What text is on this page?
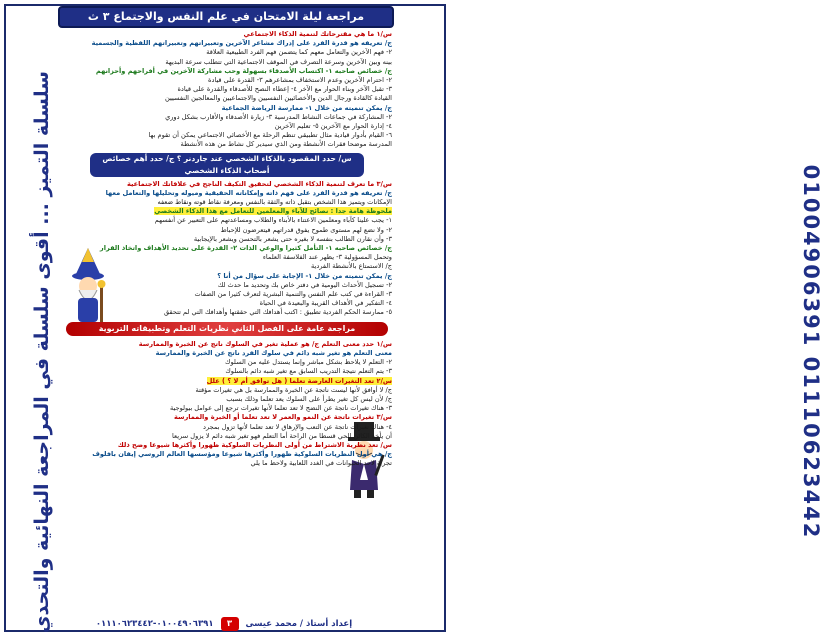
مراجعة ليلة الامتحان في علم النفس والاجتماع ٣ ث
سلسلة التميز ... أقوى سلسلة في المراجعة النهائية والتحدي	01004906391 01110623442

س/١ ما هي مقترحاتك لتنمية الذكاء الاجتماعي

ج/ تعريفه هو قدرة الفرد على إدراك مشاعر الآخرين وتعبيراتهم وتعبيراتهم اللفظية والجسمية

٢- فهم الآخرين والتعامل معهم كما يتضمن فهم الفرد الطبيعية العلاقة

بينه وبين الآخرين وسرعة التصرف في الموقف الاجتماعية التي تتطلب سرعة البديهة

ج/ خصائص صاحبه ١- اكتساب الأصدقاء بسهولة وحب مشاركة الآخرين في أفراحهم وأحزانهم

٢- احترام الآخرين وعدم الاستخفاف بمشاعرهم ٣- القدرة على قيادة

٣- تقبل الآخر وبناء الحوار مع الآخر ٤- إعطاء النصح للأصدقاء والقدرة على قيادة

القيادة كالقادة ورجال الدين والأخصائيين النفسيين والاجتماعيين والمعالجين النفسيين

ج/ يمكن تنميته من خلال ١- ممارسة الرياضة الجماعية

٢- المشاركة في جماعات النشاط المدرسية ٣- زيارة الأصدقاء والأقارب بشكل دوري

٤- إدارة الحوار مع الآخرين ٥- تعليم الآخرين

٦- القيام بأدوار قيادية مثال تطبيقي تنظم الرحلة مع الأخصائي الاجتماعي يمكن أن تقوم بها

المدرسة موضحا فقرات الأنشطة ومن الذي سيدير كل نشاط من هذه الأنشطة

س/ حدد المقصود بالذكاء الشخصي عند جاردنر ؟ ج/ حدد أهم خصائص أصحاب الذكاء الشخصي

س/٣ ما تعرف لتنمية الذكاء الشخصي لتحقيق التكيف الناجح في علاقاتك الاجتماعية

ج/ تعريفه هو قدرة الفرد على فهم ذاته وإمكاناته الحقيقية وميوله وتحليلها والتعامل معها

الإمكانات ويتميز هذا الشخص بتقبل ذاته والثقة بالنفس ومعرفة نقاط قوته ونقاط ضعفه

ملحوظة هامة جدا : نصائح للآباء والمعلمين للتعامل مع هذا الذكاء الشخصي

١- يجب علينا كآباء ومعلمين الاعتناء بالأبناء والطلاب ومساعدتهم على التعبير عن أنفسهم

٢- ولا نضع لهم مستوى طموح يفوق قدراتهم فيتعرضون للإحباط

٣- وأن نقارن الطالب بنفسه لا بغيره حتى يشعر بالتحسن ويشعر بالإيجابية

ج/ خصائص صاحبه ١- التأمل كثيرا والوعي الذات ٢- القدرة على تحديد الأهداف واتخاذ القرار

وتحمل المسؤولية ٣- يظهر عند الفلاسفة العلماء

ج/ الاستمتاع بالأنشطة الفردية

ج/ يمكن تنميته من خلال ١- الإجابة على سؤال من أنا ؟

٢- تسجيل الأحداث اليومية في دفتر خاص بك وتحديد ما حدث لك

٣- القراءة في كتب علم النفس والتنمية البشرية لتعرف كثيرا من الصفات

٤- التفكير في الأهداف القريبة والبعيدة في الحياة

٥- ممارسة الحكم الفردية تطبيق : اكتب أهدافك التي حققتها وأهدافك التي لم تتحقق

مراجعة عامة على الفصل الثاني نظريات التعلم وتطبيقاته التربوية

س/١ حدد معنى التعلم ج/ هو عملية تغير في السلوك ناتج عن الخبرة والممارسة

معنى التعلم هو تغير شبه دائم في سلوك الفرد ناتج عن الخبرة والممارسة

٢- التعلم لا يلاحظ بشكل مباشر وإنما يستدل عليه من السلوك

٣- يتم التعلم نتيجة التدريب السابق مع تغير شبه دائم بالسلوك

س/٢ تعد التغيرات العارضة تعلما ( هل توافق أم لا ؟ ) علل

ج/ لا أوافق لأنها ليست ناتجة عن الخبرة والممارسة بل هي تغيرات مؤقتة

ج/ لأن ليس كل تغير يطرأ على السلوك يعد تعلما وذلك بسبب

٣- هناك تغيرات ناتجة عن النضج لا تعد تعلما لأنها تغيرات ترجع إلى عوامل بيولوجية

س/٣ تغيرات ناتجة عن النمو والعمر لا تعد تعلما أو الخبرة والممارسة

٤- هناك تغيرات ناتجة عن التعب والإرهاق لا تعد تعلما لأنها تزول بمجرد

أن يأخذ الكائن الحي قسطا من الراحة أما التعلم فهو تغير شبه دائم لا يزول سريعا

س/ تعد نظرية الاشتراط من أولى النظريات السلوكية ظهورا وأكثرها شيوعا وضح ذلك

ج/ هي أول النظريات السلوكية ظهورا وأكثرها شيوعا ومؤسسها العالم الروسي إيفان بافلوف

تجربة لاحد الحيوانات في الغدد اللعابية ولاحظ ما يلي

إعداد أستاذ / محمد عيسى ٣ ٠١٠٠٤٩٠٦٣٩١-٠١١١٠٦٢٣٤٤٢
